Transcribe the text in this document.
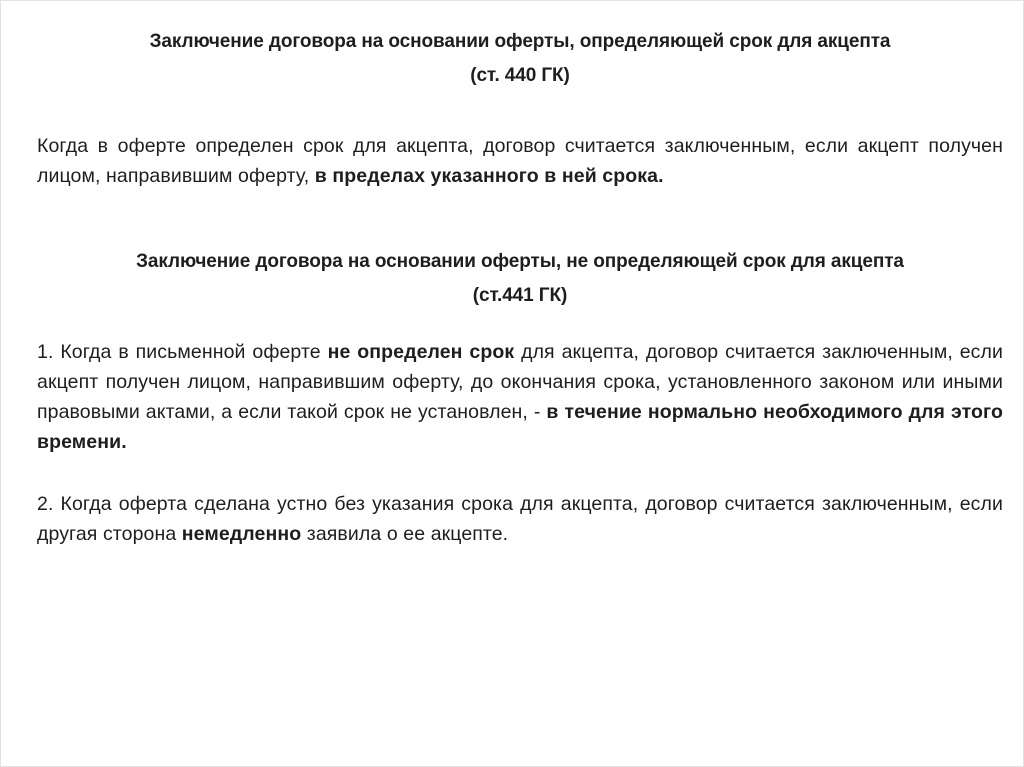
Заключение договора на основании оферты, определяющей срок для акцепта
(ст. 440 ГК)

Когда в оферте определен срок для акцепта, договор считается заключенным, если акцепт получен лицом, направившим оферту, в пределах указанного в ней срока.

Заключение договора на основании оферты, не определяющей срок для акцепта
(ст.441 ГК)

1. Когда в письменной оферте не определен срок для акцепта, договор считается заключенным, если акцепт получен лицом, направившим оферту, до окончания срока, установленного законом или иными правовыми актами, а если такой срок не установлен, - в течение нормально необходимого для этого времени.

2. Когда оферта сделана устно без указания срока для акцепта, договор считается заключенным, если другая сторона немедленно заявила о ее акцепте.
